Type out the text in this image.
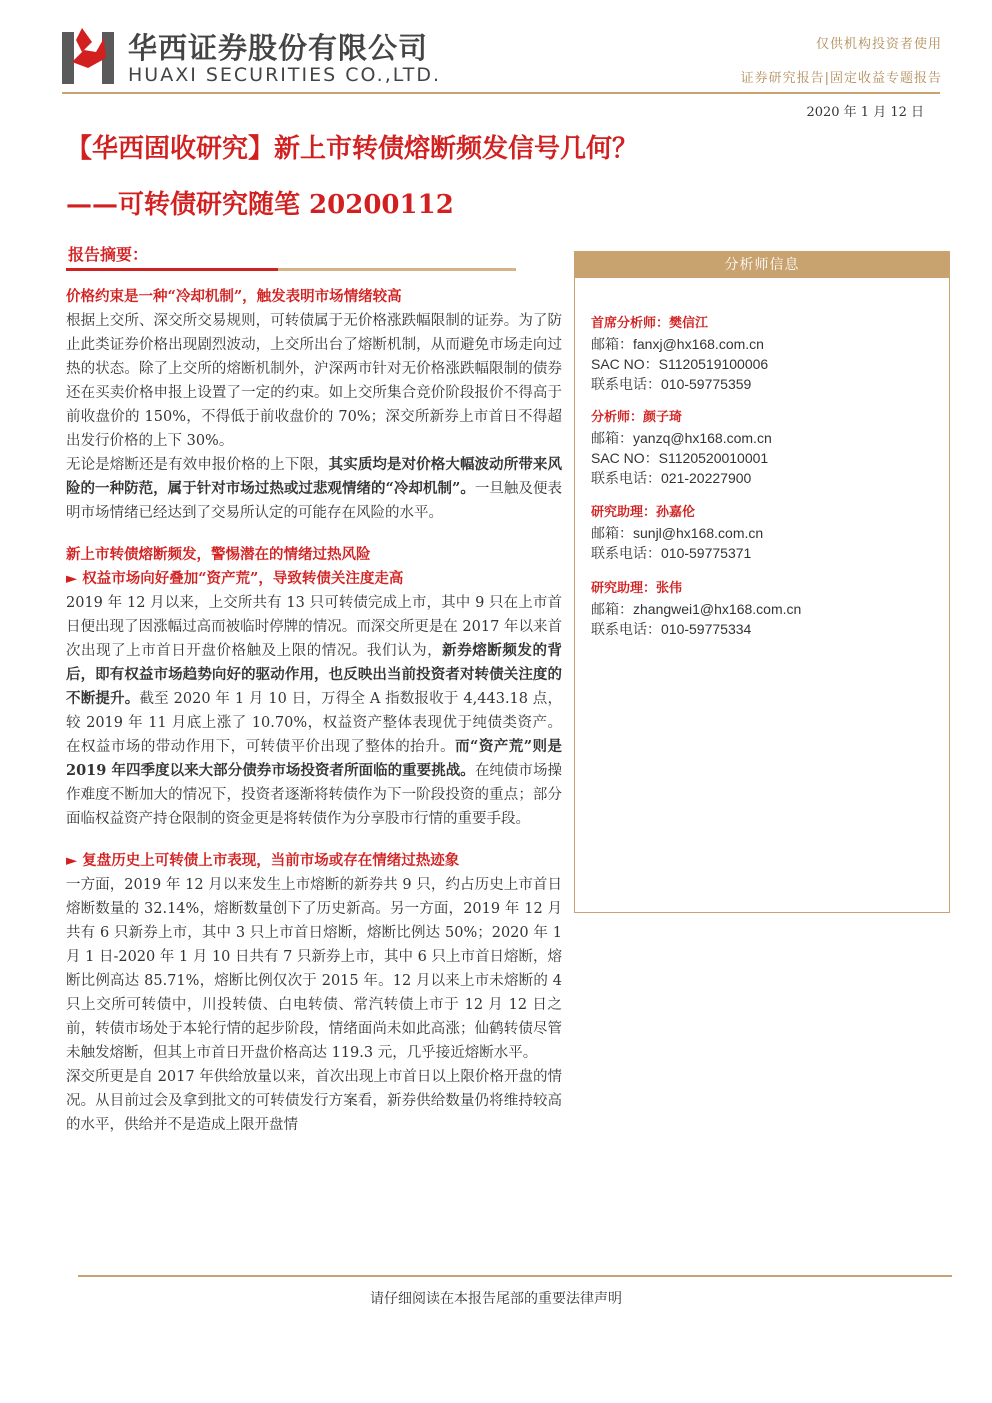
华西证券股份有限公司
HUAXI SECURITIES CO.,LTD.
仅供机构投资者使用
证券研究报告|固定收益专题报告
2020 年 1 月 12 日
【华西固收研究】新上市转债熔断频发信号几何？
——可转债研究随笔 20200112
报告摘要：

价格约束是一种“冷却机制”，触发表明市场情绪较高

根据上交所、深交所交易规则，可转债属于无价格涨跌幅限制的证券。为了防止此类证券价格出现剧烈波动，上交所出台了熔断机制，从而避免市场走向过热的状态。除了上交所的熔断机制外，沪深两市针对无价格涨跌幅限制的债券还在买卖价格申报上设置了一定的约束。如上交所集合竞价阶段报价不得高于前收盘价的 150%，不得低于前收盘价的 70%；深交所新券上市首日不得超出发行价格的上下 30%。

无论是熔断还是有效申报价格的上下限，其实质均是对价格大幅波动所带来风险的一种防范，属于针对市场过热或过悲观情绪的“冷却机制”。一旦触及便表明市场情绪已经达到了交易所认定的可能存在风险的水平。

新上市转债熔断频发，警惕潜在的情绪过热风险

► 权益市场向好叠加“资产荒”，导致转债关注度走高

2019 年 12 月以来，上交所共有 13 只可转债完成上市，其中 9 只在上市首日便出现了因涨幅过高而被临时停牌的情况。而深交所更是在 2017 年以来首次出现了上市首日开盘价格触及上限的情况。我们认为，新券熔断频发的背后，即有权益市场趋势向好的驱动作用，也反映出当前投资者对转债关注度的不断提升。截至 2020 年 1 月 10 日，万得全 A 指数报收于 4,443.18 点，较 2019 年 11 月底上涨了 10.70%，权益资产整体表现优于纯债类资产。在权益市场的带动作用下，可转债平价出现了整体的抬升。而“资产荒”则是 2019 年四季度以来大部分债券市场投资者所面临的重要挑战。在纯债市场操作难度不断加大的情况下，投资者逐渐将转债作为下一阶段投资的重点；部分面临权益资产持仓限制的资金更是将转债作为分享股市行情的重要手段。

► 复盘历史上可转债上市表现，当前市场或存在情绪过热迹象

一方面，2019 年 12 月以来发生上市熔断的新券共 9 只，约占历史上市首日熔断数量的 32.14%，熔断数量创下了历史新高。另一方面，2019 年 12 月共有 6 只新券上市，其中 3 只上市首日熔断，熔断比例达 50%；2020 年 1 月 1 日-2020 年 1 月 10 日共有 7 只新券上市，其中 6 只上市首日熔断，熔断比例高达 85.71%，熔断比例仅次于 2015 年。12 月以来上市未熔断的 4 只上交所可转债中，川投转债、白电转债、常汽转债上市于 12 月 12 日之前，转债市场处于本轮行情的起步阶段，情绪面尚未如此高涨；仙鹤转债尽管未触发熔断，但其上市首日开盘价格高达 119.3 元，几乎接近熔断水平。

深交所更是自 2017 年供给放量以来，首次出现上市首日以上限价格开盘的情况。从目前过会及拿到批文的可转债发行方案看，新券供给数量仍将维持较高的水平，供给并不是造成上限开盘情

分析师信息
首席分析师：樊信江
邮箱：fanxj@hx168.com.cn
SAC NO：S1120519100006
联系电话：010-59775359
分析师：颜子琦
邮箱：yanzq@hx168.com.cn
SAC NO：S1120520010001
联系电话：021-20227900
研究助理：孙嘉伦
邮箱：sunjl@hx168.com.cn
联系电话：010-59775371
研究助理：张伟
邮箱：zhangwei1@hx168.com.cn
联系电话：010-59775334
请仔细阅读在本报告尾部的重要法律声明
